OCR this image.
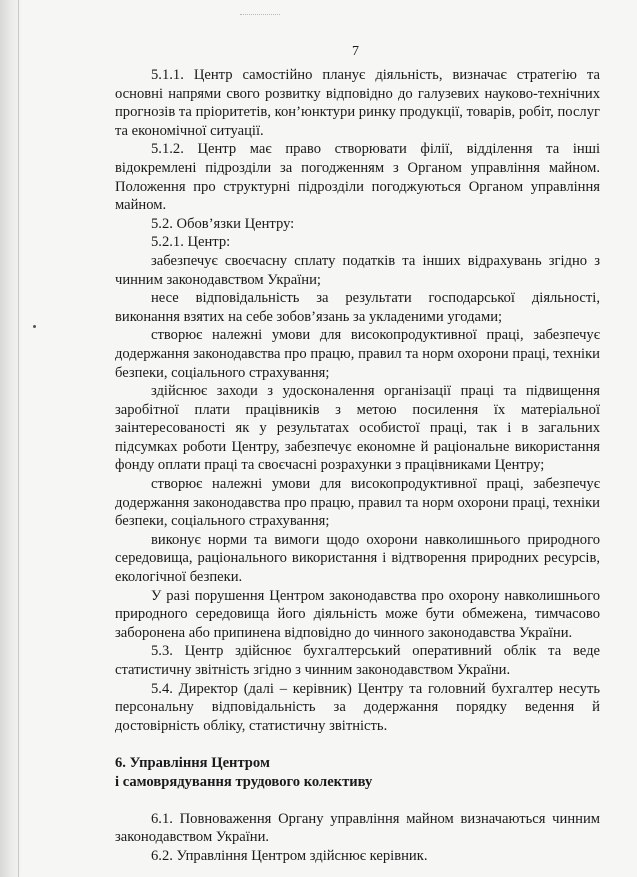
7

5.1.1. Центр самостійно планує діяльність, визначає стратегію та основні напрями свого розвитку відповідно до галузевих науково-технічних прогнозів та пріоритетів, кон’юнктури ринку продукції, товарів, робіт, послуг та економічної ситуації.

5.1.2. Центр має право створювати філії, відділення та інші відокремлені підрозділи за погодженням з Органом управління майном. Положення про структурні підрозділи погоджуються Органом управління майном.

5.2. Обов’язки Центру:

5.2.1. Центр:

забезпечує своєчасну сплату податків та інших відрахувань згідно з чинним законодавством України;

несе відповідальність за результати господарської діяльності, виконання взятих на себе зобов’язань за укладеними угодами;

створює належні умови для високопродуктивної праці, забезпечує додержання законодавства про працю, правил та норм охорони праці, техніки безпеки, соціального страхування;

здійснює заходи з удосконалення організації праці та підвищення заробітної плати працівників з метою посилення їх матеріальної заінтересованості як у результатах особистої праці, так і в загальних підсумках роботи Центру, забезпечує економне й раціональне використання фонду оплати праці та своєчасні розрахунки з працівниками Центру;

створює належні умови для високопродуктивної праці, забезпечує додержання законодавства про працю, правил та норм охорони праці, техніки безпеки, соціального страхування;

виконує норми та вимоги щодо охорони навколишнього природного середовища, раціонального використання і відтворення природних ресурсів, екологічної безпеки.

У разі порушення Центром законодавства про охорону навколишнього природного середовища його діяльність може бути обмежена, тимчасово заборонена або припинена відповідно до чинного законодавства України.

5.3. Центр здійснює бухгалтерський оперативний облік та веде статистичну звітність згідно з чинним законодавством України.

5.4. Директор (далі – керівник) Центру та головний бухгалтер несуть персональну відповідальність за додержання порядку ведення й достовірність обліку, статистичну звітність.

6. Управління Центром

і самоврядування трудового колективу

6.1. Повноваження Органу управління майном визначаються чинним законодавством України.

6.2. Управління Центром здійснює керівник.
